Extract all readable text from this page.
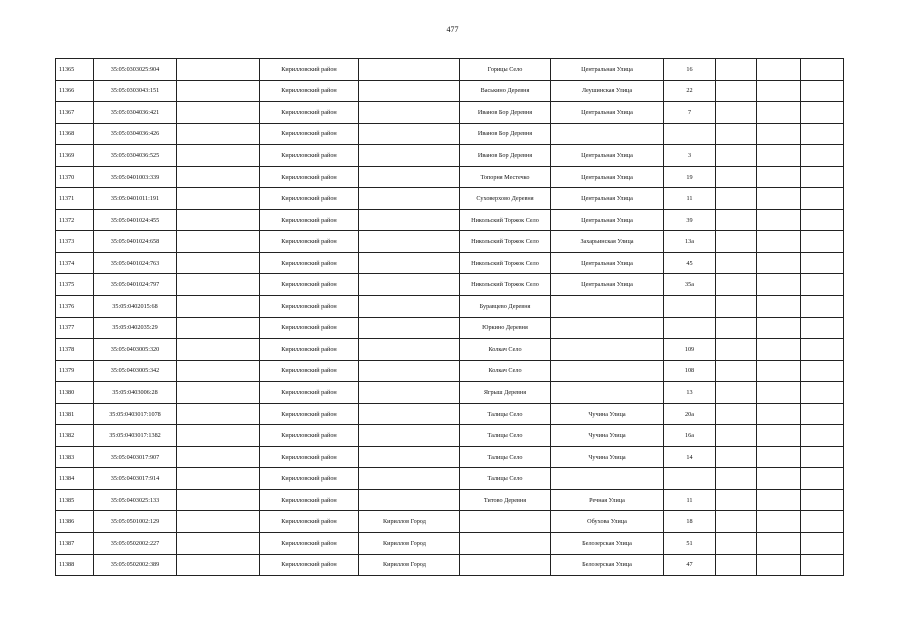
477
11365	35:05:0303025:904		Кирилловский район		Горицы Село	Центральная Улица	16			
11366	35:05:0303043:151		Кирилловский район		Васькино Деревня	Леушинская Улица	22			
11367	35:05:0304036:421		Кирилловский район		Иванов Бор Деревня	Центральная Улица	7			
11368	35:05:0304036:426		Кирилловский район		Иванов Бор Деревня					
11369	35:05:0304036:525		Кирилловский район		Иванов Бор Деревня	Центральная Улица	3			
11370	35:05:0401003:339		Кирилловский район		Топорня Местечко	Центральная Улица	19			
11371	35:05:0401011:191		Кирилловский район		Суховерхово Деревня	Центральная Улица	11			
11372	35:05:0401024:455		Кирилловский район		Никольский Торжок Село	Центральная Улица	39			
11373	35:05:0401024:658		Кирилловский район		Никольский Торжок Село	Захарьинская Улица	13а			
11374	35:05:0401024:763		Кирилловский район		Никольский Торжок Село	Центральная Улица	45			
11375	35:05:0401024:797		Кирилловский район		Никольский Торжок Село	Центральная Улица	35а			
11376	35:05:0402015:68		Кирилловский район		Буравцево Деревня					
11377	35:05:0402035:29		Кирилловский район		Юркино Деревня					
11378	35:05:0403005:320		Кирилловский район		Колкач Село		109			
11379	35:05:0403005:342		Кирилловский район		Колкач Село		108			
11380	35:05:0403006:28		Кирилловский район		Ягрыш Деревня		13			
11381	35:05:0403017:1078		Кирилловский район		Талицы Село	Чучина Улица	20а			
11382	35:05:0403017:1382		Кирилловский район		Талицы Село	Чучина Улица	16а			
11383	35:05:0403017:907		Кирилловский район		Талицы Село	Чучина Улица	14			
11384	35:05:0403017:914		Кирилловский район		Талицы Село					
11385	35:05:0403025:133		Кирилловский район		Титово Деревня	Речная Улица	11			
11386	35:05:0501002:129		Кирилловский район	Кириллов Город		Обухова Улица	18			
11387	35:05:0502002:227		Кирилловский район	Кириллов Город		Белозерская Улица	51			
11388	35:05:0502002:389		Кирилловский район	Кириллов Город		Белозерская Улица	47			
